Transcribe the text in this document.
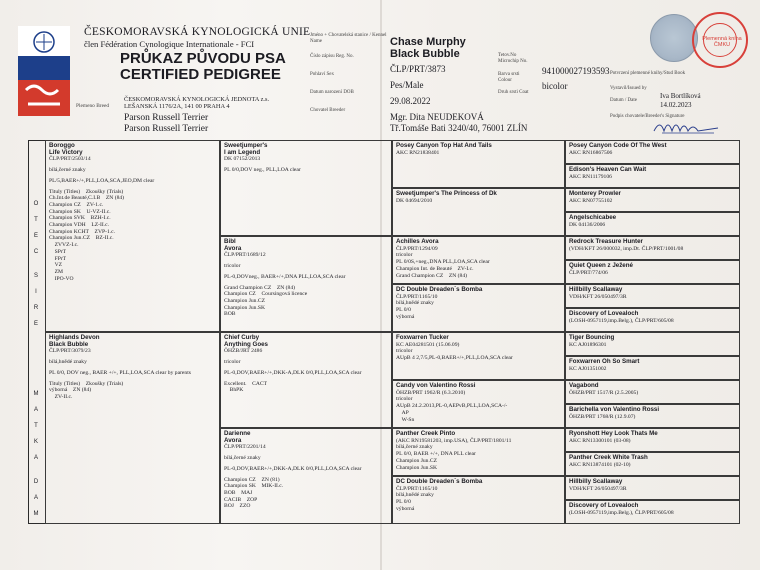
ČESKOMORAVSKÁ KYNOLOGICKÁ UNIE
člen Fédération Cynologique Internationale - FCI
PRŮKAZ PŮVODU PSA
CERTIFIED PEDIGREE
Plemeno Breed
ČESKOMORAVSKÁ KYNOLOGICKÁ JEDNOTA z.s.
LEŠANSKÁ 1176/2A, 141 00 PRAHA 4
Parson Russell Terrier
Parson Russell Terrier
Jméno + Chovatelská stanice / Kennel Name	Chase Murphy
Black Bubble
Číslo zápisu Reg. No.
ČLP/PRT/3873
Pohlaví Sex
Pes/Male
Datum narození DOB
29.08.2022
Chovatel Breeder
Mgr. Dita NEUDEKOVÁ
Tř.Tomáše Bati 3240/40, 76001 ZLÍN
Tetov.No
Microchip No.
941000027193593
Barva srsti Colour
bicolor
Druh srsti Coat
Potvrzení plemenné knihy/Stud Book
Vystavil/Issued by
Iva Bortlíková
Datum / Date
14.02.2023
Podpis chovatele/Breeder's Signature
Plemenná kniha ČMKU
Boroggo
Life Victory
ČLP/PRT/2503/14
bílá,černé znaky
PL/5,BAER+/+,PLL,LOA,SCA,JEO,DM clear
Tituly (Titles)    Zkoušky (Trials)
Ch.Int.de Beauté,C.I.B    ZN (84)
Champion CZ    ZV-1.c.
Champion SK    U-VZ-II.c.
Champion SVK    BZH-I.c.
Champion VDH    LZ-II.c.
Champion KCHT    ZVP-1.c.
Champion Jun.CZ    BZ-II.c.
ZVVZ-I.c.
SPrT
FPrT
VZ
ZM
IPO-VO
Highlands Devon
Black Bubble
ČLP/PRT/3079/23
bílá,hnědé znaky
PL 0/0, DOV neg., BAER +/+, PLL,LOA,SCA clear by parents
Tituly (Titles)    Zkoušky (Trials)
výborná    ZN (84)
ZV-II.c.
Sweetjumper's
I am Legend
DK 07152/2013
PL 0/0,DOV neg., PLL,LOA clear
Bibl
Avora
ČLP/PRT/1689/12
tricolor
PL-0,DOVneg., BAER+/+,DNA PLL,LOA,SCA clear
Grand Champion CZ    ZN (84)
Champion CZ    Coursingová licence
Champion Jun.CZ
Champion Jun.SK
BOB
Chief Curby
Anything Goes
ÖHZB/JRT 2486
tricolor
PL-0,DOV,BAER+/+,DKK-A,DLK 0/0,PLL,LOA,SCA clear
Excellent.    CACT
BhPK
Darienne
Avora
ČLP/PRT/2201/14
bílá,černé znaky
PL-0,DOV,BAER+/+,DKK-A,DLK 0/0,PLL,LOA,SCA clear
Champion CZ    ZN (81)
Champion SK    MIK-II.c.
BOB    MAJ
CACIB    ZOP
BOJ    ZZO
Posey Canyon Top Hat And Tails
AKC RN21838401
Sweetjumper's The Princess of Dk
DK 04694/2010
Achilles Avora
ČLP/PRT/1294/09
tricolor
PL 0/0S,+neg.,DNA PLL,LOA,SCA clear
Champion Int. de Beauté    ZV-I.c.
Grand Champion CZ    ZN (84)
DC Double Dreaden`s Bomba
ČLP/PRT/1165/10
bílá,hnědé znaky
PL 0/0
výborná
Foxwarren Tucker
KC AE04281501 (15.06.09)
tricolor
AUpB 4 2,7/5,PL-0,BAER+/+,PLL,LOA,SCA clear
Candy von Valentino Rossi
ÖHZB/PRT 1962/R (6.3.2010)
tricolor
AUpB 24.2.2013,PL-0,AEPvB,PLL,LOA,SCA-/-
AP
W-Sn
Panther Creek Pinto
(AKC RN19581203, imp.USA), ČLP/PRT/1801/11
bílá,černé znaky
PL 0/0, BAER +/+, DNA PLL clear
Champion Jun.CZ
Champion Jun.SK
DC Double Dreaden`s Bomba
ČLP/PRT/1165/10
bílá,hnědé znaky
PL 0/0
výborná
Posey Canyon Code Of The West
AKC RN16867506
Edison's Heaven Can Wait
AKC RN11179106
Monterey Prowler
AKC RN07755102
Angelschicabee
DK 04136/2006
Redrock Treasure Hunter
(VDH/KFT 26/000032, imp.Dt. ČLP/PRT/1001/08
Quiet Queen z Ježené
ČLP/PRT/774/06
Hillbilly Scallaway
VDH/KFT 26/050497/3R
Discovery of Lovealoch
(LOSH-0957119,imp.Belg.), ČLP/PRT/605/08
Tiger Bouncing
KC AJ01896301
Foxwarren Oh So Smart
KC AJ01351002
Vagabond
ÖHZB/PRT 1517/R (2.5.2005)
Barichella von Valentino Rossi
ÖHZB/PRT 1768/R (12.9.07)
Ryonshott Hey Look Thats Me
AKC RN13300101 (03-08)
Panther Creek White Trash
AKC RN13874101 (02-10)
Hillbilly Scallaway
VDH/KFT 26/050497/3R
Discovery of Lovealoch
(LOSH-0957119,imp.Belg.), ČLP/PRT/605/08
O

T

E

C

S

I

R

E
M

A

T

K

A

D

A

M
